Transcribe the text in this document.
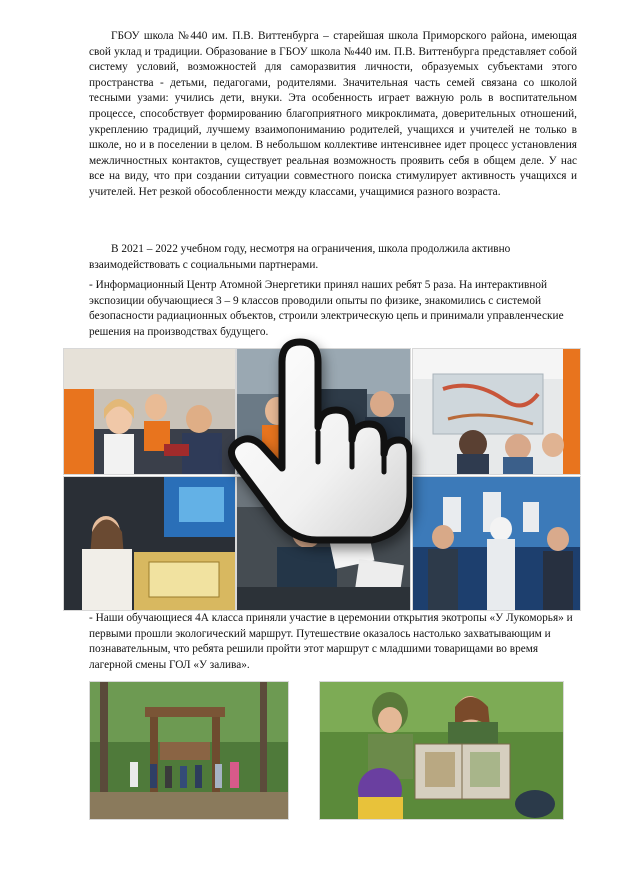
ГБОУ школа №440 им. П.В. Виттенбурга – старейшая школа Приморского района, имеющая свой уклад и традиции. Образование в ГБОУ школа №440 им. П.В. Виттенбурга представляет собой систему условий, возможностей для саморазвития личности, образуемых субъектами этого пространства - детьми, педагогами, родителями. Значительная часть семей связана со школой тесными узами: учились дети, внуки. Эта особенность играет важную роль в воспитательном процессе, способствует формированию благоприятного микроклимата, доверительных отношений, укреплению традиций, лучшему взаимопониманию родителей, учащихся и учителей не только в школе, но и в поселении в целом. В небольшом коллективе интенсивнее идет процесс установления межличностных контактов, существует реальная возможность проявить себя в общем деле. У нас все на виду, что при создании ситуации совместного поиска стимулирует активность учащихся и учителей. Нет резкой обособленности между классами, учащимися разного возраста.

В 2021 – 2022 учебном году, несмотря на ограничения, школа продолжила активно взаимодействовать с социальными партнерами.

- Информационный Центр Атомной Энергетики принял наших ребят 5 раза. На интерактивной экспозиции обучающиеся 3 – 9 классов проводили опыты по физике, знакомились с системой безопасности радиационных объектов, строили электрическую цепь и принимали управленческие решения на производствах будущего.

- Наши обучающиеся 4А класса приняли участие в церемонии открытия экотропы «У Лукоморья» и первыми прошли экологический маршрут. Путешествие оказалось настолько захватывающим и познавательным, что ребята решили пройти этот маршрут с младшими товарищами во время лагерной смены ГОЛ «У залива».
